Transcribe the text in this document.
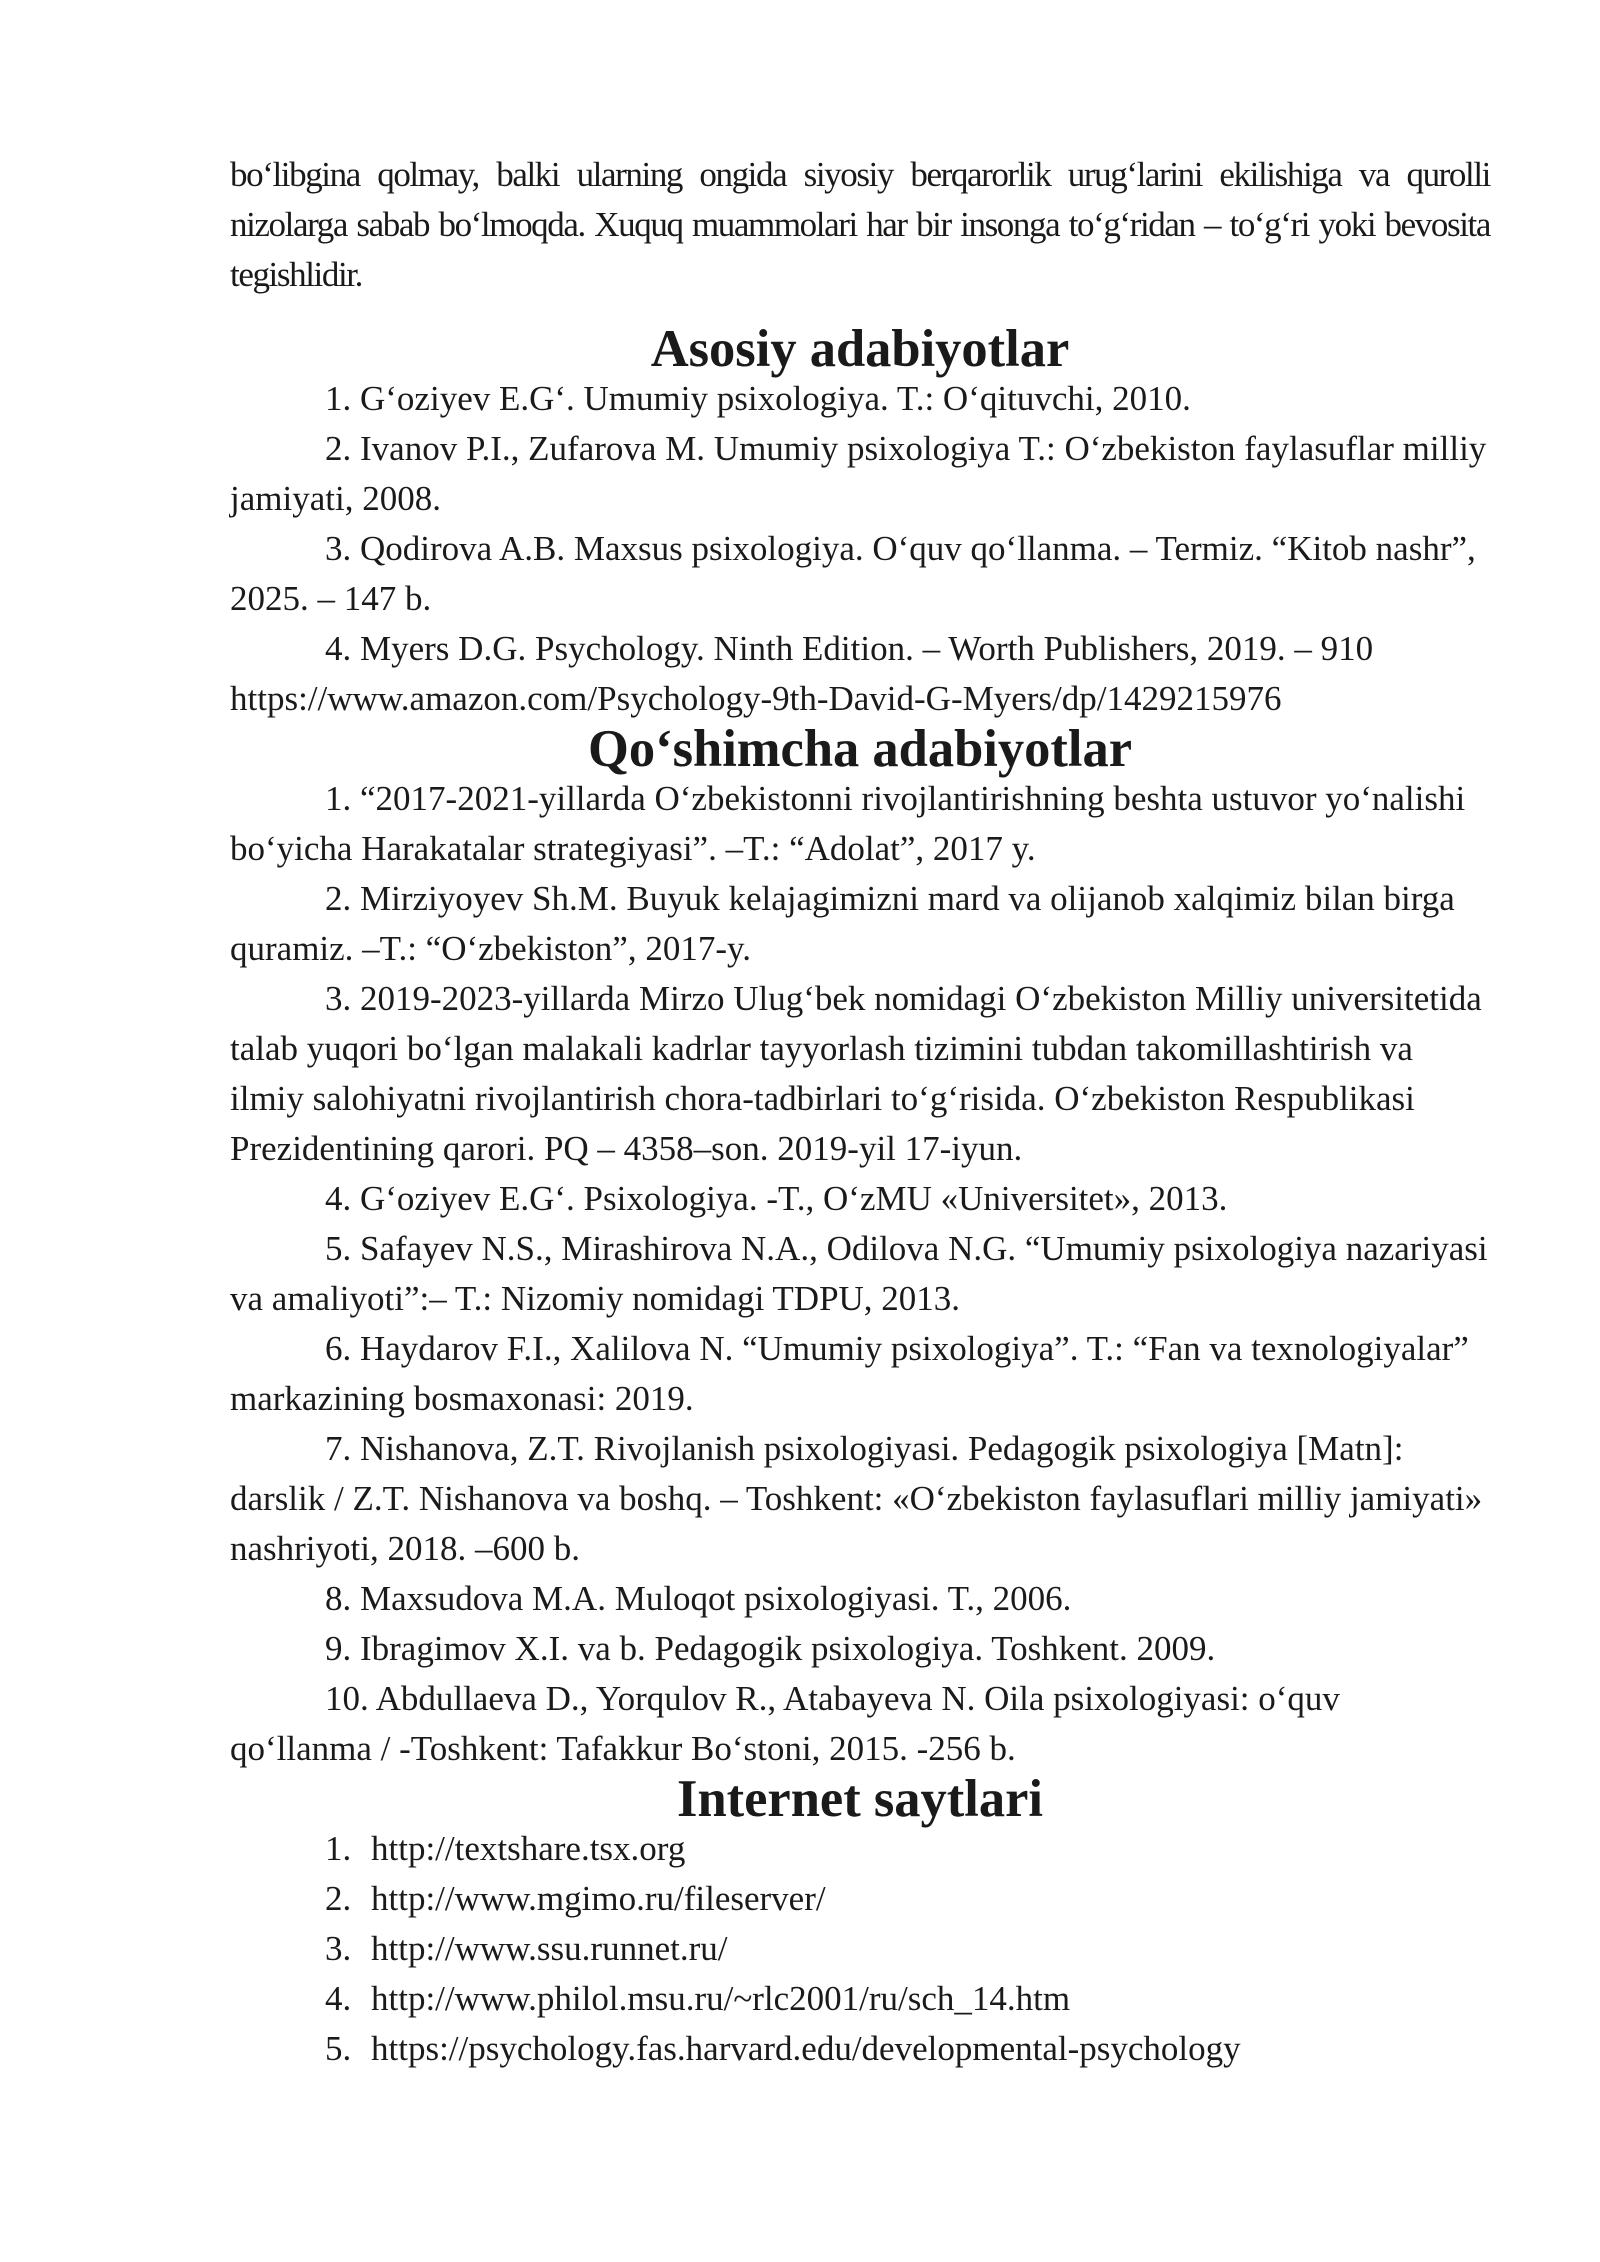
bo‘libgina qolmay, balki ularning ongida siyosiy berqarorlik urug‘larini ekilishiga va qurolli nizolarga sabab bo‘lmoqda. Xuquq muammolari har bir insonga to‘g‘ridan – to‘g‘ri yoki bevosita tegishlidir.

Asosiy adabiyotlar

1. G‘oziyev E.G‘. Umumiy psixologiya. T.: O‘qituvchi, 2010.

2. Ivanov P.I., Zufarova M. Umumiy psixologiya T.: O‘zbekiston faylasuflar milliy jamiyati, 2008.

3. Qodirova A.B. Maxsus psixologiya. O‘quv qo‘llanma. – Termiz. “Kitob nashr”, 2025. – 147 b.

4. Myers D.G. Psychology. Ninth Edition. – Worth Publishers, 2019. – 910 https://www.amazon.com/Psychology-9th-David-G-Myers/dp/1429215976

Qo‘shimcha adabiyotlar

1. “2017-2021-yillarda O‘zbekistonni rivojlantirishning beshta ustuvor yo‘nalishi bo‘yicha Harakatalar strategiyasi”. –T.: “Adolat”, 2017 y.

2. Mirziyoyev Sh.M. Buyuk kelajagimizni mard va olijanob xalqimiz bilan birga quramiz. –T.: “O‘zbekiston”, 2017-y.

3. 2019-2023-yillarda Mirzo Ulug‘bek nomidagi O‘zbekiston Milliy universitetida talab yuqori bo‘lgan malakali kadrlar tayyorlash tizimini tubdan takomillashtirish va ilmiy salohiyatni rivojlantirish chora-tadbirlari to‘g‘risida. O‘zbekiston Respublikasi Prezidentining qarori. PQ – 4358–son. 2019-yil 17-iyun.

4. G‘oziyev E.G‘. Psixologiya. -T., O‘zMU «Universitet», 2013.

5. Safayev N.S., Mirashirova N.A., Odilova N.G. “Umumiy psixologiya nazariyasi va amaliyoti”:– T.: Nizomiy nomidagi TDPU, 2013.

6. Haydarov F.I., Xalilova N. “Umumiy psixologiya”. T.: “Fan va texnologiyalar” markazining bosmaxonasi: 2019.

7. Nishanova, Z.T. Rivojlanish psixologiyasi. Pedagogik psixologiya [Matn]: darslik / Z.T. Nishanova va boshq. – Toshkent: «O‘zbekiston faylasuflari milliy jamiyati» nashriyoti, 2018. –600 b.

8. Maxsudova M.A. Muloqot psixologiyasi. T., 2006.

9. Ibragimov X.I. va b. Pedagogik psixologiya. Toshkent. 2009.

10. Abdullaeva D., Yorqulov R., Atabayeva N. Oila psixologiyasi: o‘quv qo‘llanma / -Toshkent: Tafakkur Bo‘stoni, 2015. -256 b.

Internet saytlari
1. http://textshare.tsx.org
2. http://www.mgimo.ru/fileserver/
3. http://www.ssu.runnet.ru/
4. http://www.philol.msu.ru/~rlc2001/ru/sch_14.htm
5. https://psychology.fas.harvard.edu/developmental-psychology
